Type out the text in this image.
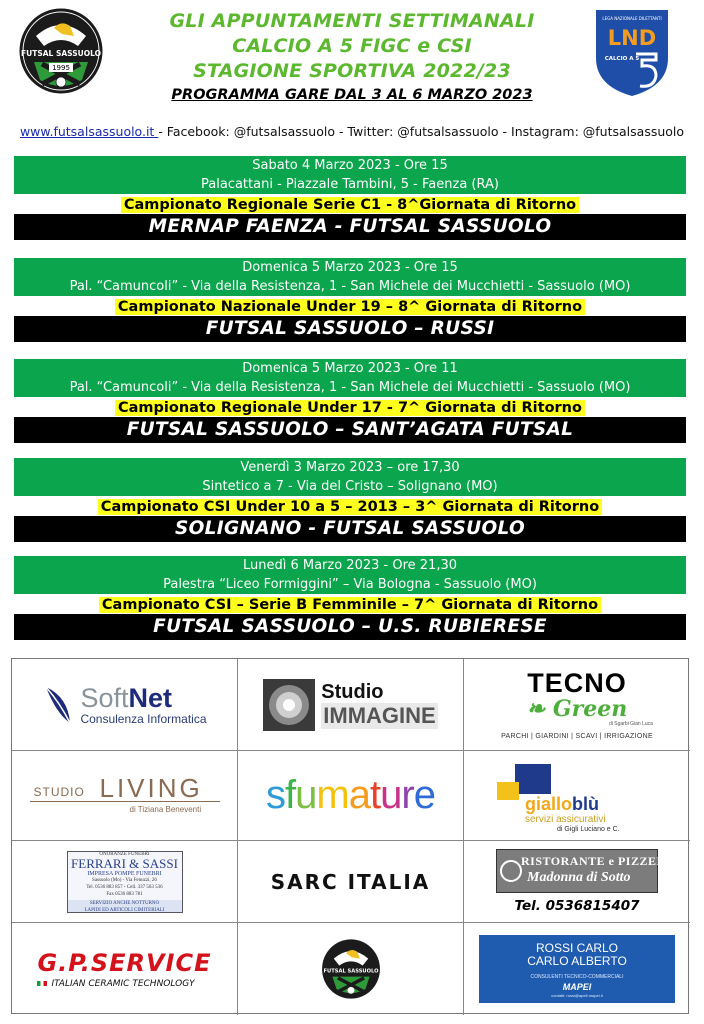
FUTSAL SASSUOLO
1995
GLI APPUNTAMENTI SETTIMANALI
CALCIO A 5 FIGC e CSI
STAGIONE SPORTIVA 2022/23
PROGRAMMA GARE DAL 3 AL 6 MARZO 2023
LEGA NAZIONALE DILETTANTI
LND
CALCIO A 5
www.futsalsassuolo.it - Facebook: @futsalsassuolo - Twitter: @futsalsassuolo - Instagram: @futsalsassuolo
Sabato 4 Marzo 2023 - Ore 15
Palacattani - Piazzale Tambini, 5 - Faenza (RA)
Campionato Regionale Serie C1 - 8^Giornata di Ritorno
MERNAP FAENZA - FUTSAL SASSUOLO
Domenica 5 Marzo 2023 - Ore 15
Pal. “Camuncoli” - Via della Resistenza, 1 - San Michele dei Mucchietti - Sassuolo (MO)
Campionato Nazionale Under 19 – 8^ Giornata di Ritorno
FUTSAL SASSUOLO – RUSSI
Domenica 5 Marzo 2023 - Ore 11
Pal. “Camuncoli” - Via della Resistenza, 1 - San Michele dei Mucchietti - Sassuolo (MO)
Campionato Regionale Under 17 - 7^ Giornata di Ritorno
FUTSAL SASSUOLO – SANT’AGATA FUTSAL
Venerdì 3 Marzo 2023 – ore 17,30
Sintetico a 7 - Via del Cristo – Solignano (MO)
Campionato CSI Under 10 a 5 – 2013 – 3^ Giornata di Ritorno
SOLIGNANO - FUTSAL SASSUOLO
Lunedì 6 Marzo 2023 - Ore 21,30
Palestra “Liceo Formiggini” – Via Bologna - Sassuolo (MO)
Campionato CSI – Serie B Femminile – 7^ Giornata di Ritorno
FUTSAL SASSUOLO – U.S. RUBIERESE
SoftNet
Consulenza Informatica
Studio
IMMAGINE
TECNO
❧ Green
di Sgarbi Gian Luca
PARCHI | GIARDINI | SCAVI | IRRIGAZIONE
STUDIO LIVING
di Tiziana Beneventi sfumature	gialloblù
servizi assicurativi
di Gigli Luciano e C.
ONORANZE FUNEBRI
FERRARI & SASSI
IMPRESA POMPE FUNEBRI
Sassuolo (Mo) - Via Fenuzzi, 26
Tel. 0536 883 857 - Cell. 337 563 536
Fax 0536 883 781
SERVIZIO ANCHE NOTTURNO
LAPIDI ED ARTICOLI CIMITERIALI
SARC ITALIA
RISTORANTE e PIZZERIA
Madonna di Sotto
Tel. 0536815407
G.P.SERVICE
ITALIAN CERAMIC TECHNOLOGY
FUTSAL SASSUOLO
ROSSI CARLO
CARLO ALBERTO
CONSULENTI TECNICO-COMMERCIALI
MAPEI
contatti: rossi@apeit.mapei.it
